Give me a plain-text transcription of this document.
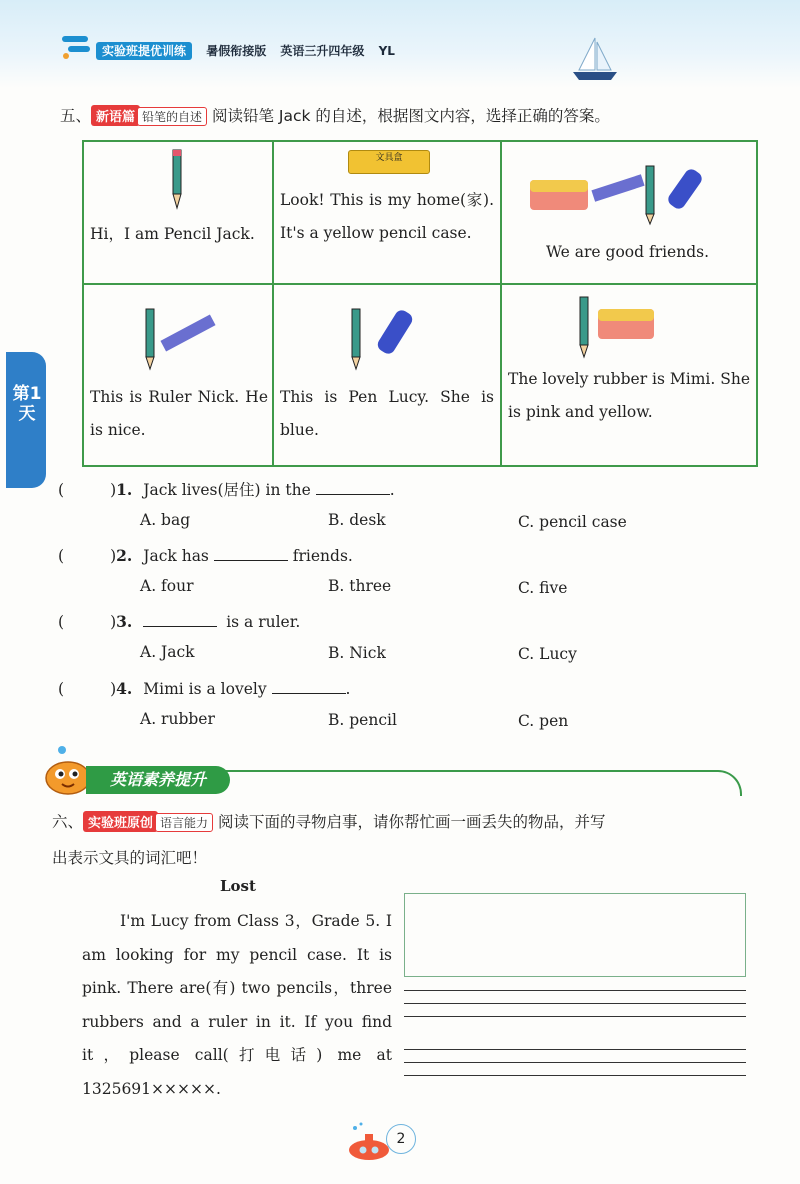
实验班提优训练 暑假衔接版 英语三升四年级 YL
第1天
五、 新语篇 铅笔的自述 阅读铅笔 Jack 的自述，根据图文内容，选择正确的答案。
Hi，I am Pencil Jack.	文具盒
Look! This is my home(家). It's a yellow pencil case.	We are good friends.

This is Ruler Nick. He is nice.	This is Pen Lucy. She is blue.	The lovely rubber is Mimi. She is pink and yellow.
(	)1. Jack lives(居住) in the	.
A. bag	B. desk	C. pencil case
(	)2. Jack has	friends.
A. four	B. three	C. five
(	)3.	is a ruler.
A. Jack	B. Nick	C. Lucy
(	)4. Mimi is a lovely	.
A. rubber	B. pencil	C. pen
英语素养提升
六、 实验班原创 语言能力 阅读下面的寻物启事，请你帮忙画一画丢失的物品，并写
出表示文具的词汇吧！
Lost
I'm Lucy from Class 3，Grade 5. I am looking for my pencil case. It is pink. There are(有) two pencils，three rubbers and a ruler in it. If you find it，please call(打电话) me at 1325691×××××.
2
